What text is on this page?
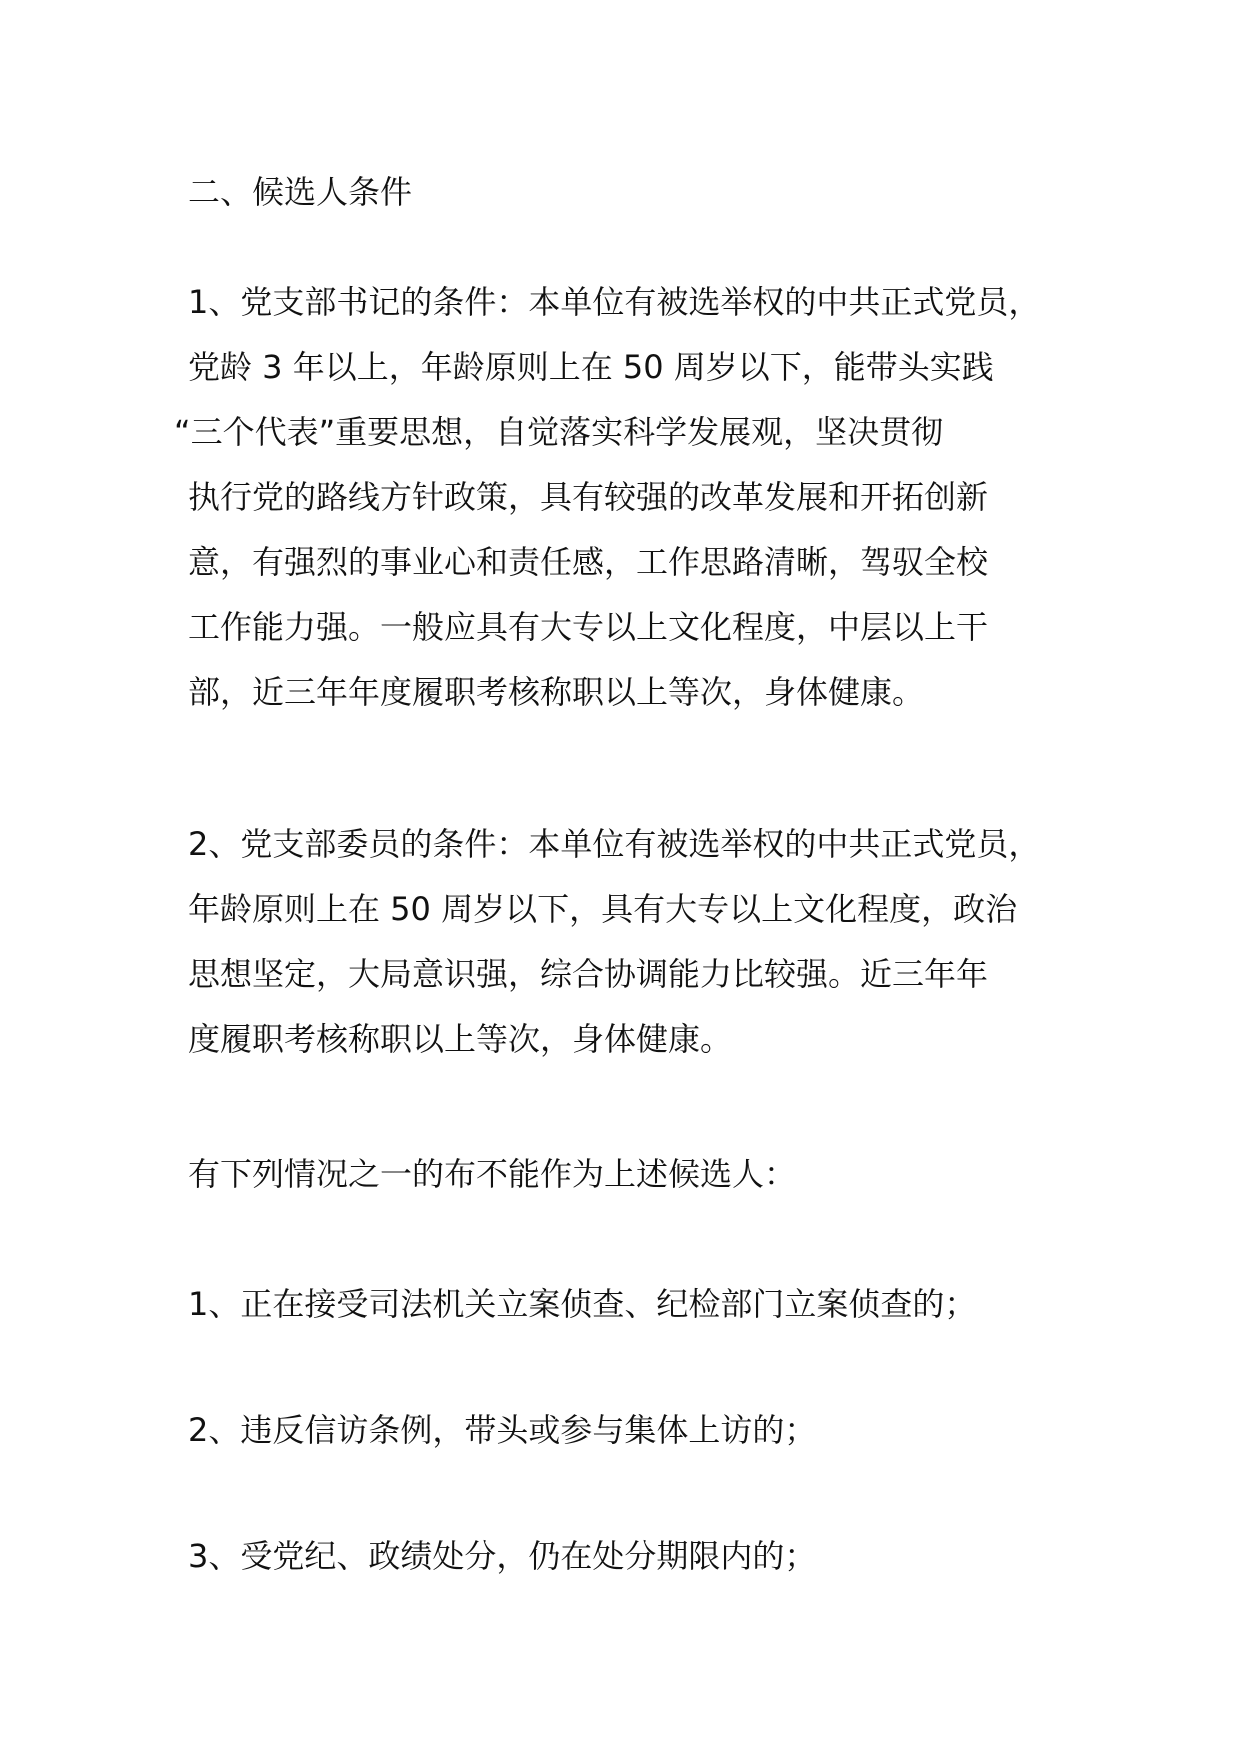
二、候选人条件

1、党支部书记的条件：本单位有被选举权的中共正式党员，
党龄 3 年以上，年龄原则上在 50 周岁以下，能带头实践
“三个代表”重要思想，自觉落实科学发展观，坚决贯彻
执行党的路线方针政策，具有较强的改革发展和开拓创新
意，有强烈的事业心和责任感，工作思路清晰，驾驭全校
工作能力强。一般应具有大专以上文化程度，中层以上干
部，近三年年度履职考核称职以上等次，身体健康。

2、党支部委员的条件：本单位有被选举权的中共正式党员，
年龄原则上在 50 周岁以下，具有大专以上文化程度，政治
思想坚定，大局意识强，综合协调能力比较强。近三年年
度履职考核称职以上等次，身体健康。

有下列情况之一的布不能作为上述候选人：

1、正在接受司法机关立案侦查、纪检部门立案侦查的；

2、违反信访条例，带头或参与集体上访的；

3、受党纪、政绩处分，仍在处分期限内的；
